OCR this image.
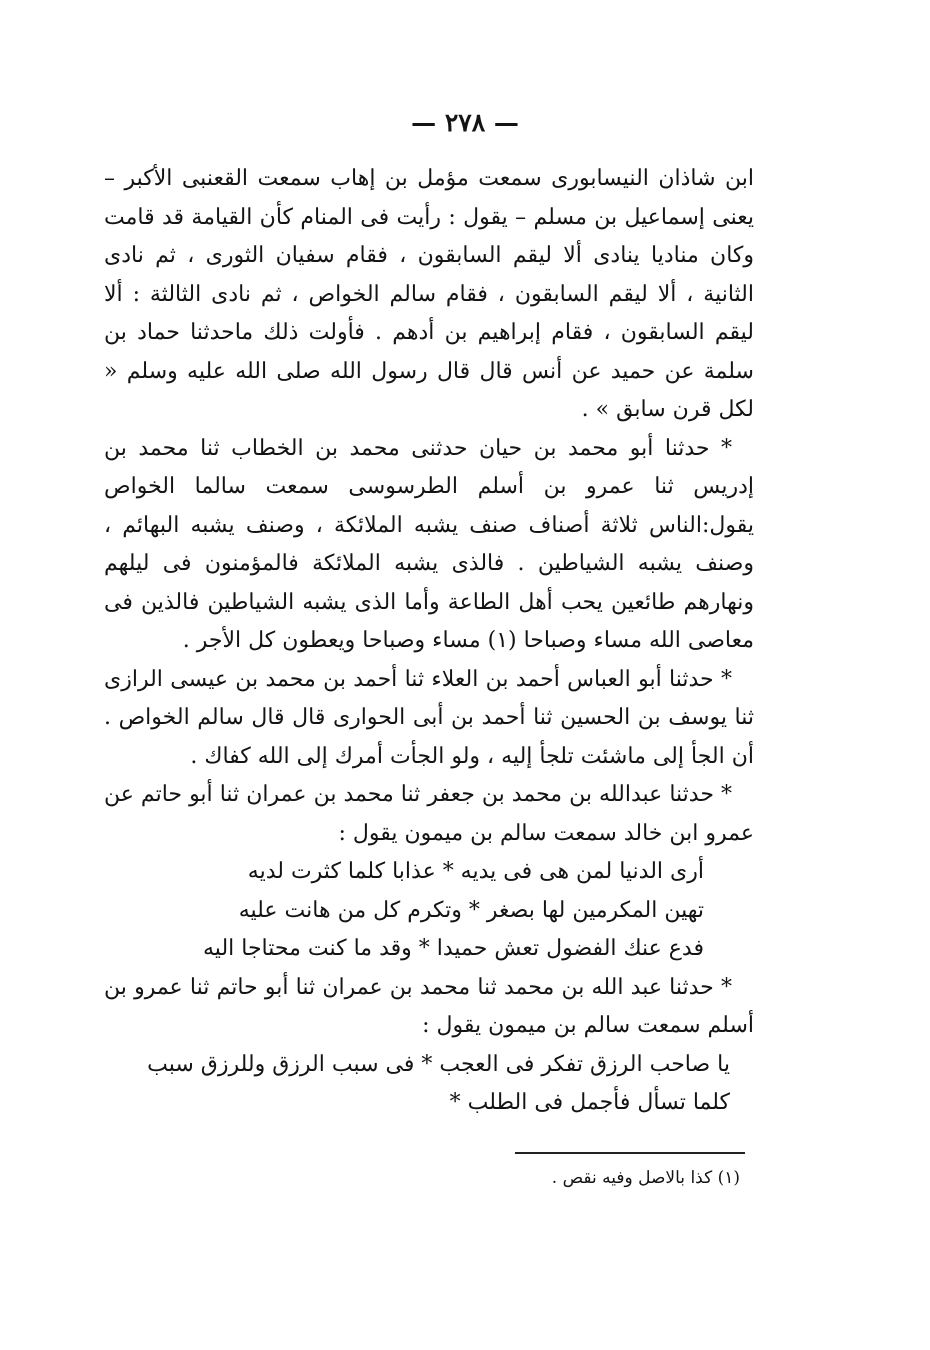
— ٢٧٨ —

ابن شاذان النيسابورى سمعت مؤمل بن إهاب سمعت القعنبى الأكبر – يعنى إسماعيل بن مسلم – يقول : رأيت فى المنام كأن القيامة قد قامت وكان مناديا ينادى ألا ليقم السابقون ، فقام سفيان الثورى ، ثم نادى الثانية ، ألا ليقم السابقون ، فقام سالم الخواص ، ثم نادى الثالثة : ألا ليقم السابقون ، فقام إبراهيم بن أدهم . فأولت ذلك ماحدثنا حماد بن سلمة عن حميد عن أنس قال قال رسول الله صلى الله عليه وسلم « لكل قرن سابق » .

* حدثنا أبو محمد بن حيان حدثنى محمد بن الخطاب ثنا محمد بن إدريس ثنا عمرو بن أسلم الطرسوسى سمعت سالما الخواص يقول:الناس ثلاثة أصناف صنف يشبه الملائكة ، وصنف يشبه البهائم ، وصنف يشبه الشياطين . فالذى يشبه الملائكة فالمؤمنون فى ليلهم ونهارهم طائعين يحب أهل الطاعة وأما الذى يشبه الشياطين فالذين فى معاصى الله مساء وصباحا (١) مساء وصباحا ويعطون كل الأجر .

* حدثنا أبو العباس أحمد بن العلاء ثنا أحمد بن محمد بن عيسى الرازى ثنا يوسف بن الحسين ثنا أحمد بن أبى الحوارى قال قال سالم الخواص . أن الجأ إلى ماشئت تلجأ إليه ، ولو الجأت أمرك إلى الله كفاك .

* حدثنا عبدالله بن محمد بن جعفر ثنا محمد بن عمران ثنا أبو حاتم عن عمرو ابن خالد سمعت سالم بن ميمون يقول :

أرى الدنيا لمن هى فى يديه * عذابا كلما كثرت لديه
تهين المكرمين لها بصغر * وتكرم كل من هانت عليه
فدع عنك الفضول تعش حميدا * وقد ما كنت محتاجا اليه

* حدثنا عبد الله بن محمد ثنا محمد بن عمران ثنا أبو حاتم ثنا عمرو بن أسلم سمعت سالم بن ميمون يقول :

يا صاحب الرزق تفكر فى العجب * فى سبب الرزق وللرزق سبب
كلما تسأل فأجمل فى الطلب *
(١) كذا بالاصل وفيه نقص .
